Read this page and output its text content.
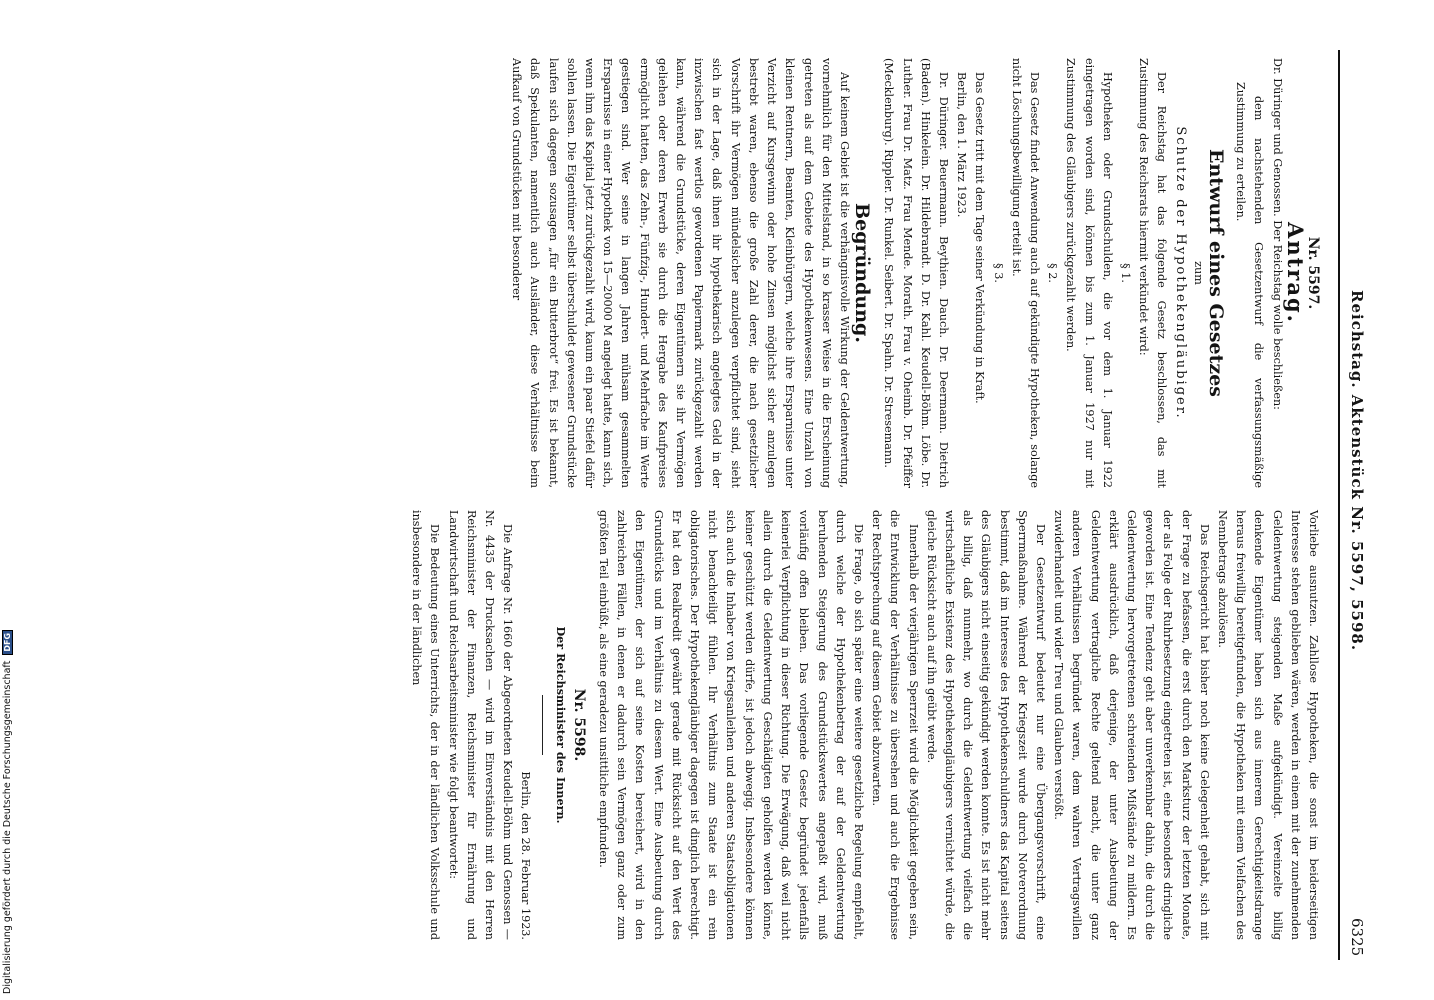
Digitalisierung gefördert durch die Deutsche Forschungsgemeinschaft DFG	Reichstag. Aktenstück Nr. 5597, 5598.
6325

Nr. 5597.

Antrag.

Dr. Düringer und Genossen. Der Reichstag wolle beschließen:

dem nachstehenden Gesetzentwurf die verfassungsmäßige Zustimmung zu erteilen.

Entwurf eines Gesetzes

zum

Schutze der Hypothekengläubiger.

Der Reichstag hat das folgende Gesetz beschlossen, das mit Zustimmung des Reichsrats hiermit verkündet wird:

§ 1.

Hypotheken oder Grundschulden, die vor dem 1. Januar 1922 eingetragen worden sind, können bis zum 1. Januar 1927 nur mit Zustimmung des Gläubigers zurückgezahlt werden.

§ 2.

Das Gesetz findet Anwendung auch auf gekündigte Hypotheken, solange nicht Löschungsbewilligung erteilt ist.

§ 3.

Das Gesetz tritt mit dem Tage seiner Verkündung in Kraft.

Berlin, den 1. März 1923.

Dr. Düringer. Beuermann. Beythien. Dauch. Dr. Deermann. Dietrich (Baden). Hinkelein. Dr. Hildebrandt. D. Dr. Kahl. Keudell-Böhm. Löbe. Dr. Luther. Frau Dr. Matz. Frau Mende. Morath. Frau v. Oheimb. Dr. Pfeiffer (Mecklenburg). Rippler. Dr. Runkel. Seibert. Dr. Spahn. Dr. Stresemann.

Begründung.

Auf keinem Gebiet ist die verhängnisvolle Wirkung der Geldentwertung, vornehmlich für den Mittelstand, in so krasser Weise in die Erscheinung getreten als auf dem Gebiete des Hypothekenwesens. Eine Unzahl von kleinen Rentnern, Beamten, Kleinbürgern, welche ihre Ersparnisse unter Verzicht auf Kursgewinn oder hohe Zinsen möglichst sicher anzulegen bestrebt waren, ebenso die große Zahl derer, die nach gesetzlicher Vorschrift ihr Vermögen mündelsicher anzulegen verpflichtet sind, sieht sich in der Lage, daß ihnen ihr hypothekarisch angelegtes Geld in der inzwischen fast wertlos gewordenen Papiermark zurückgezahlt werden kann, während die Grundstücke, deren Eigentümern sie ihr Vermögen geliehen oder deren Erwerb sie durch die Hergabe des Kaufpreises ermöglicht hatten, das Zehn-, Fünfzig-, Hundert- und Mehrfache im Werte gestiegen sind. Wer seine in langen Jahren mühsam gesammelten Ersparnisse in einer Hypothek von 15—20000 M angelegt hatte, kann sich, wenn ihm das Kapital jetzt zurückgezahlt wird, kaum ein paar Stiefel dafür sohlen lassen. Die Eigentümer selbst überschuldet gewesener Grundstücke laufen sich dagegen sozusagen „für ein Butterbrot“ frei. Es ist bekannt, daß Spekulanten, namentlich auch Ausländer, diese Verhältnisse beim Aufkauf von Grundstücken mit besonderer

Vorliebe ausnutzen. Zahllose Hypotheken, die sonst im beiderseitigen Interesse stehen geblieben wären, werden in einem mit der zunehmenden Geldentwertung steigenden Maße aufgekündigt. Vereinzelte billig denkende Eigentümer haben sich aus innerem Gerechtigkeitsdrange heraus freiwillig bereitgefunden, die Hypotheken mit einem Vielfachen des Nennbetrags abzulösen.

Das Reichsgericht hat bisher noch keine Gelegenheit gehabt, sich mit der Frage zu befassen, die erst durch den Marksturz der letzten Monate, der als Folge der Ruhrbesetzung eingetreten ist, eine besonders dringliche geworden ist. Eine Tendenz geht aber unverkennbar dahin, die durch die Geldentwertung hervorgetretenen schreienden Mißstände zu mildern. Es erklärt ausdrücklich, daß derjenige, der unter Ausbeutung der Geldentwertung vertragliche Rechte geltend macht, die unter ganz anderen Verhältnissen begründet waren, dem wahren Vertragswillen zuwiderhandelt und wider Treu und Glauben verstößt.

Der Gesetzentwurf bedeutet nur eine Übergangsvorschrift, eine Sperrmaßnahme. Während der Kriegszeit wurde durch Notverordnung bestimmt, daß im Interesse des Hypothekenschuldners das Kapital seitens des Gläubigers nicht einseitig gekündigt werden konnte. Es ist nicht mehr als billig, daß nunmehr, wo durch die Geldentwertung vielfach die wirtschaftliche Existenz des Hypothekengläubigers vernichtet würde, die gleiche Rücksicht auch auf ihn geübt werde.

Innerhalb der vierjährigen Sperrzeit wird die Möglichkeit gegeben sein, die Entwicklung der Verhältnisse zu übersehen und auch die Ergebnisse der Rechtsprechung auf diesem Gebiet abzuwarten.

Die Frage, ob sich später eine weitere gesetzliche Regelung empfiehlt, durch welche der Hypothekenbetrag der auf der Geldentwertung beruhenden Steigerung des Grundstückswertes angepaßt wird, muß vorläufig offen bleiben. Das vorliegende Gesetz begründet jedenfalls keinerlei Verpflichtung in dieser Richtung. Die Erwägung, daß weil nicht allein durch die Geldentwertung Geschädigten geholfen werden könne, keiner geschützt werden dürfe, ist jedoch abwegig. Insbesondere können sich auch die Inhaber von Kriegsanleihen und anderen Staatsobligationen nicht benachteiligt fühlen. Ihr Verhältnis zum Staate ist ein rein obligatorisches. Der Hypothekengläubiger dagegen ist dinglich berechtigt. Er hat den Realkredit gewährt gerade mit Rücksicht auf den Wert des Grundstücks und im Verhältnis zu diesem Wert. Eine Ausbeutung durch den Eigentümer, der sich auf seine Kosten bereichert, wird in den zahlreichen Fällen, in denen er dadurch sein Vermögen ganz oder zum größten Teil einbüßt, als eine geradezu unsittliche empfunden.

Nr. 5598.

Der Reichsminister des Innern.

Berlin, den 28. Februar 1923.

Die Anfrage Nr. 1660 der Abgeordneten Keudell-Böhm und Genossen — Nr. 4435 der Drucksachen — wird im Einverständnis mit den Herren Reichsminister der Finanzen, Reichsminister für Ernährung und Landwirtschaft und Reichsarbeitsminister wie folgt beantwortet:

Die Bedeutung eines Unterrichts, der in der ländlichen Volksschule und insbesondere in der ländlichen
